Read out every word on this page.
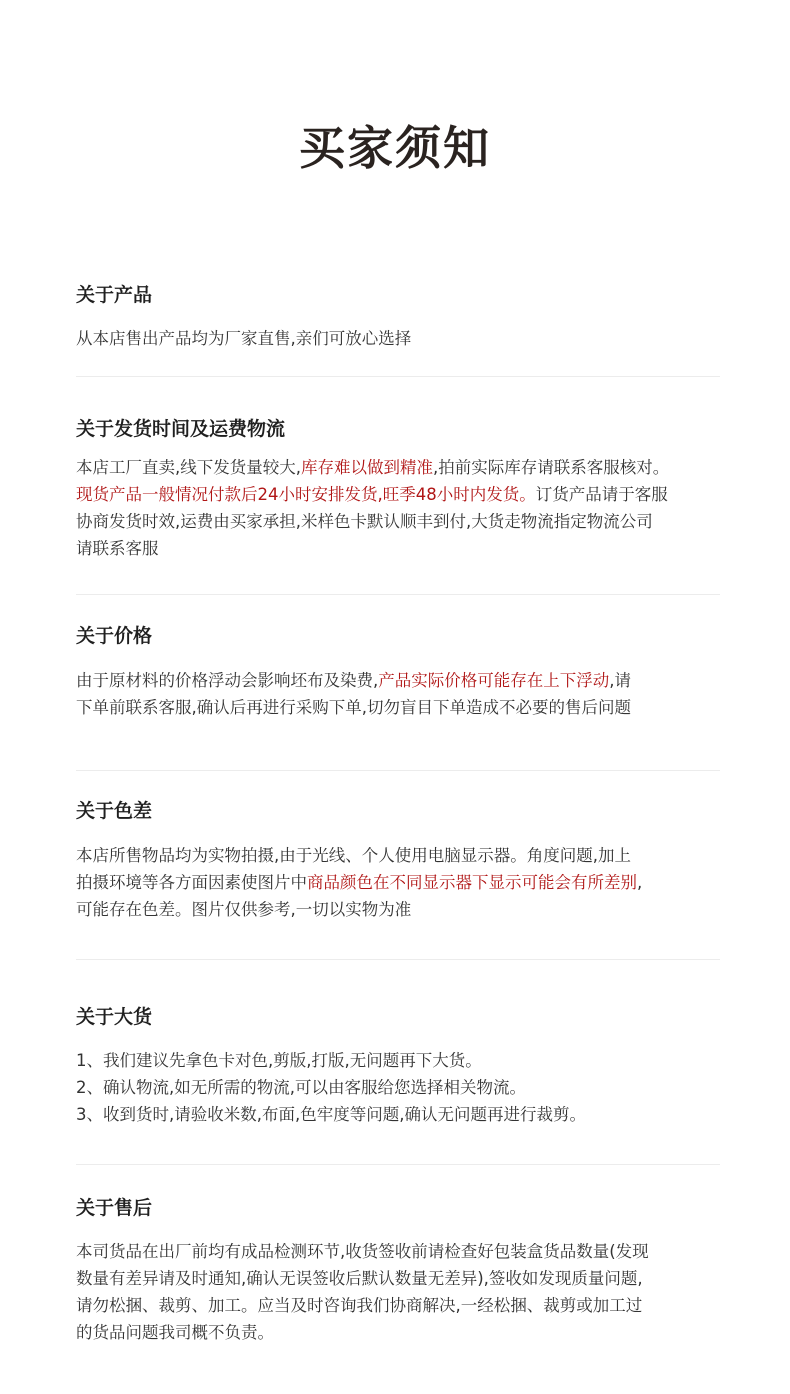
买家须知
关于产品
从本店售出产品均为厂家直售,亲们可放心选择
关于发货时间及运费物流
本店工厂直卖,线下发货量较大,库存难以做到精准,拍前实际库存请联系客服核对。
现货产品一般情况付款后24小时安排发货,旺季48小时内发货。订货产品请于客服
协商发货时效,运费由买家承担,米样色卡默认顺丰到付,大货走物流指定物流公司
请联系客服
关于价格
由于原材料的价格浮动会影响坯布及染费,产品实际价格可能存在上下浮动,请
下单前联系客服,确认后再进行采购下单,切勿盲目下单造成不必要的售后问题
关于色差
本店所售物品均为实物拍摄,由于光线、个人使用电脑显示器。角度问题,加上
拍摄环境等各方面因素使图片中商品颜色在不同显示器下显示可能会有所差别,
可能存在色差。图片仅供参考,一切以实物为准
关于大货
1、我们建议先拿色卡对色,剪版,打版,无问题再下大货。
2、确认物流,如无所需的物流,可以由客服给您选择相关物流。
3、收到货时,请验收米数,布面,色牢度等问题,确认无问题再进行裁剪。
关于售后
本司货品在出厂前均有成品检测环节,收货签收前请检查好包装盒货品数量(发现
数量有差异请及时通知,确认无误签收后默认数量无差异),签收如发现质量问题,
请勿松捆、裁剪、加工。应当及时咨询我们协商解决,一经松捆、裁剪或加工过
的货品问题我司概不负责。
